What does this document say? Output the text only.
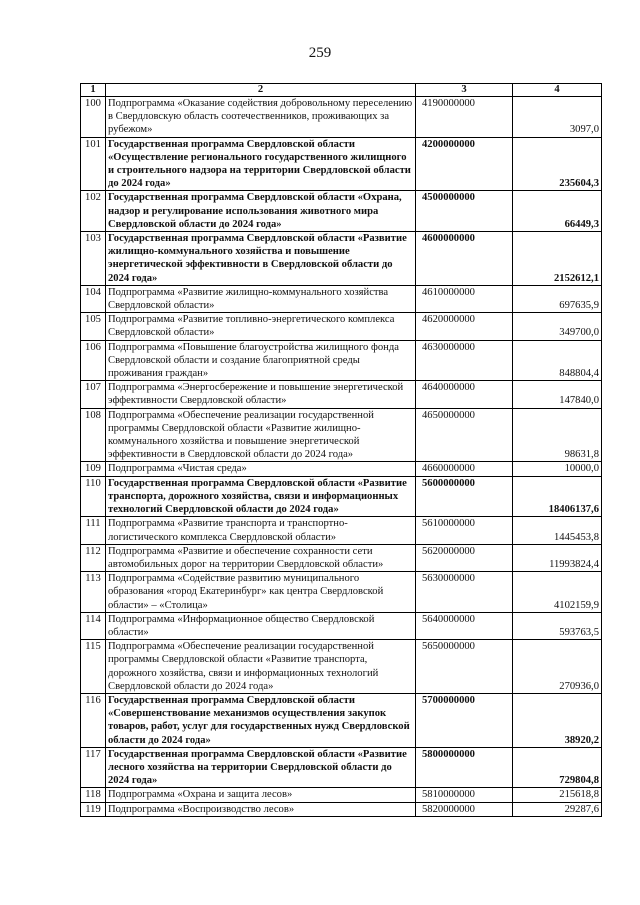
259
1	2	3	4
100	Подпрограмма «Оказание содействия добровольному переселению в Свердловскую область соотечественников, проживающих за рубежом»	4190000000	3097,0
101	Государственная программа Свердловской области «Осуществление регионального государственного жилищного и строительного надзора на территории Свердловской области до 2024 года»	4200000000	235604,3
102	Государственная программа Свердловской области «Охрана, надзор и регулирование использования животного мира Свердловской области до 2024 года»	4500000000	66449,3
103	Государственная программа Свердловской области «Развитие жилищно-коммунального хозяйства и повышение энергетической эффективности в Свердловской области до 2024 года»	4600000000	2152612,1
104	Подпрограмма «Развитие жилищно-коммунального хозяйства Свердловской области»	4610000000	697635,9
105	Подпрограмма «Развитие топливно-энергетического комплекса Свердловской области»	4620000000	349700,0
106	Подпрограмма «Повышение благоустройства жилищного фонда Свердловской области и создание благоприятной среды проживания граждан»	4630000000	848804,4
107	Подпрограмма «Энергосбережение и повышение энергетической эффективности Свердловской области»	4640000000	147840,0
108	Подпрограмма «Обеспечение реализации государственной программы Свердловской области «Развитие жилищно-коммунального хозяйства и повышение энергетической эффективности в Свердловской области до 2024 года»	4650000000	98631,8
109	Подпрограмма «Чистая среда»	4660000000	10000,0
110	Государственная программа Свердловской области «Развитие транспорта, дорожного хозяйства, связи и информационных технологий Свердловской области до 2024 года»	5600000000	18406137,6
111	Подпрограмма «Развитие транспорта и транспортно-логистического комплекса Свердловской области»	5610000000	1445453,8
112	Подпрограмма «Развитие и обеспечение сохранности сети автомобильных дорог на территории Свердловской области»	5620000000	11993824,4
113	Подпрограмма «Содействие развитию муниципального образования «город Екатеринбург» как центра Свердловской области» – «Столица»	5630000000	4102159,9
114	Подпрограмма «Информационное общество Свердловской области»	5640000000	593763,5
115	Подпрограмма «Обеспечение реализации государственной программы Свердловской области «Развитие транспорта, дорожного хозяйства, связи и информационных технологий Свердловской области до 2024 года»	5650000000	270936,0
116	Государственная программа Свердловской области «Совершенствование механизмов осуществления закупок товаров, работ, услуг для государственных нужд Свердловской области до 2024 года»	5700000000	38920,2
117	Государственная программа Свердловской области «Развитие лесного хозяйства на территории Свердловской области до 2024 года»	5800000000	729804,8
118	Подпрограмма «Охрана и защита лесов»	5810000000	215618,8
119	Подпрограмма «Воспроизводство лесов»	5820000000	29287,6
